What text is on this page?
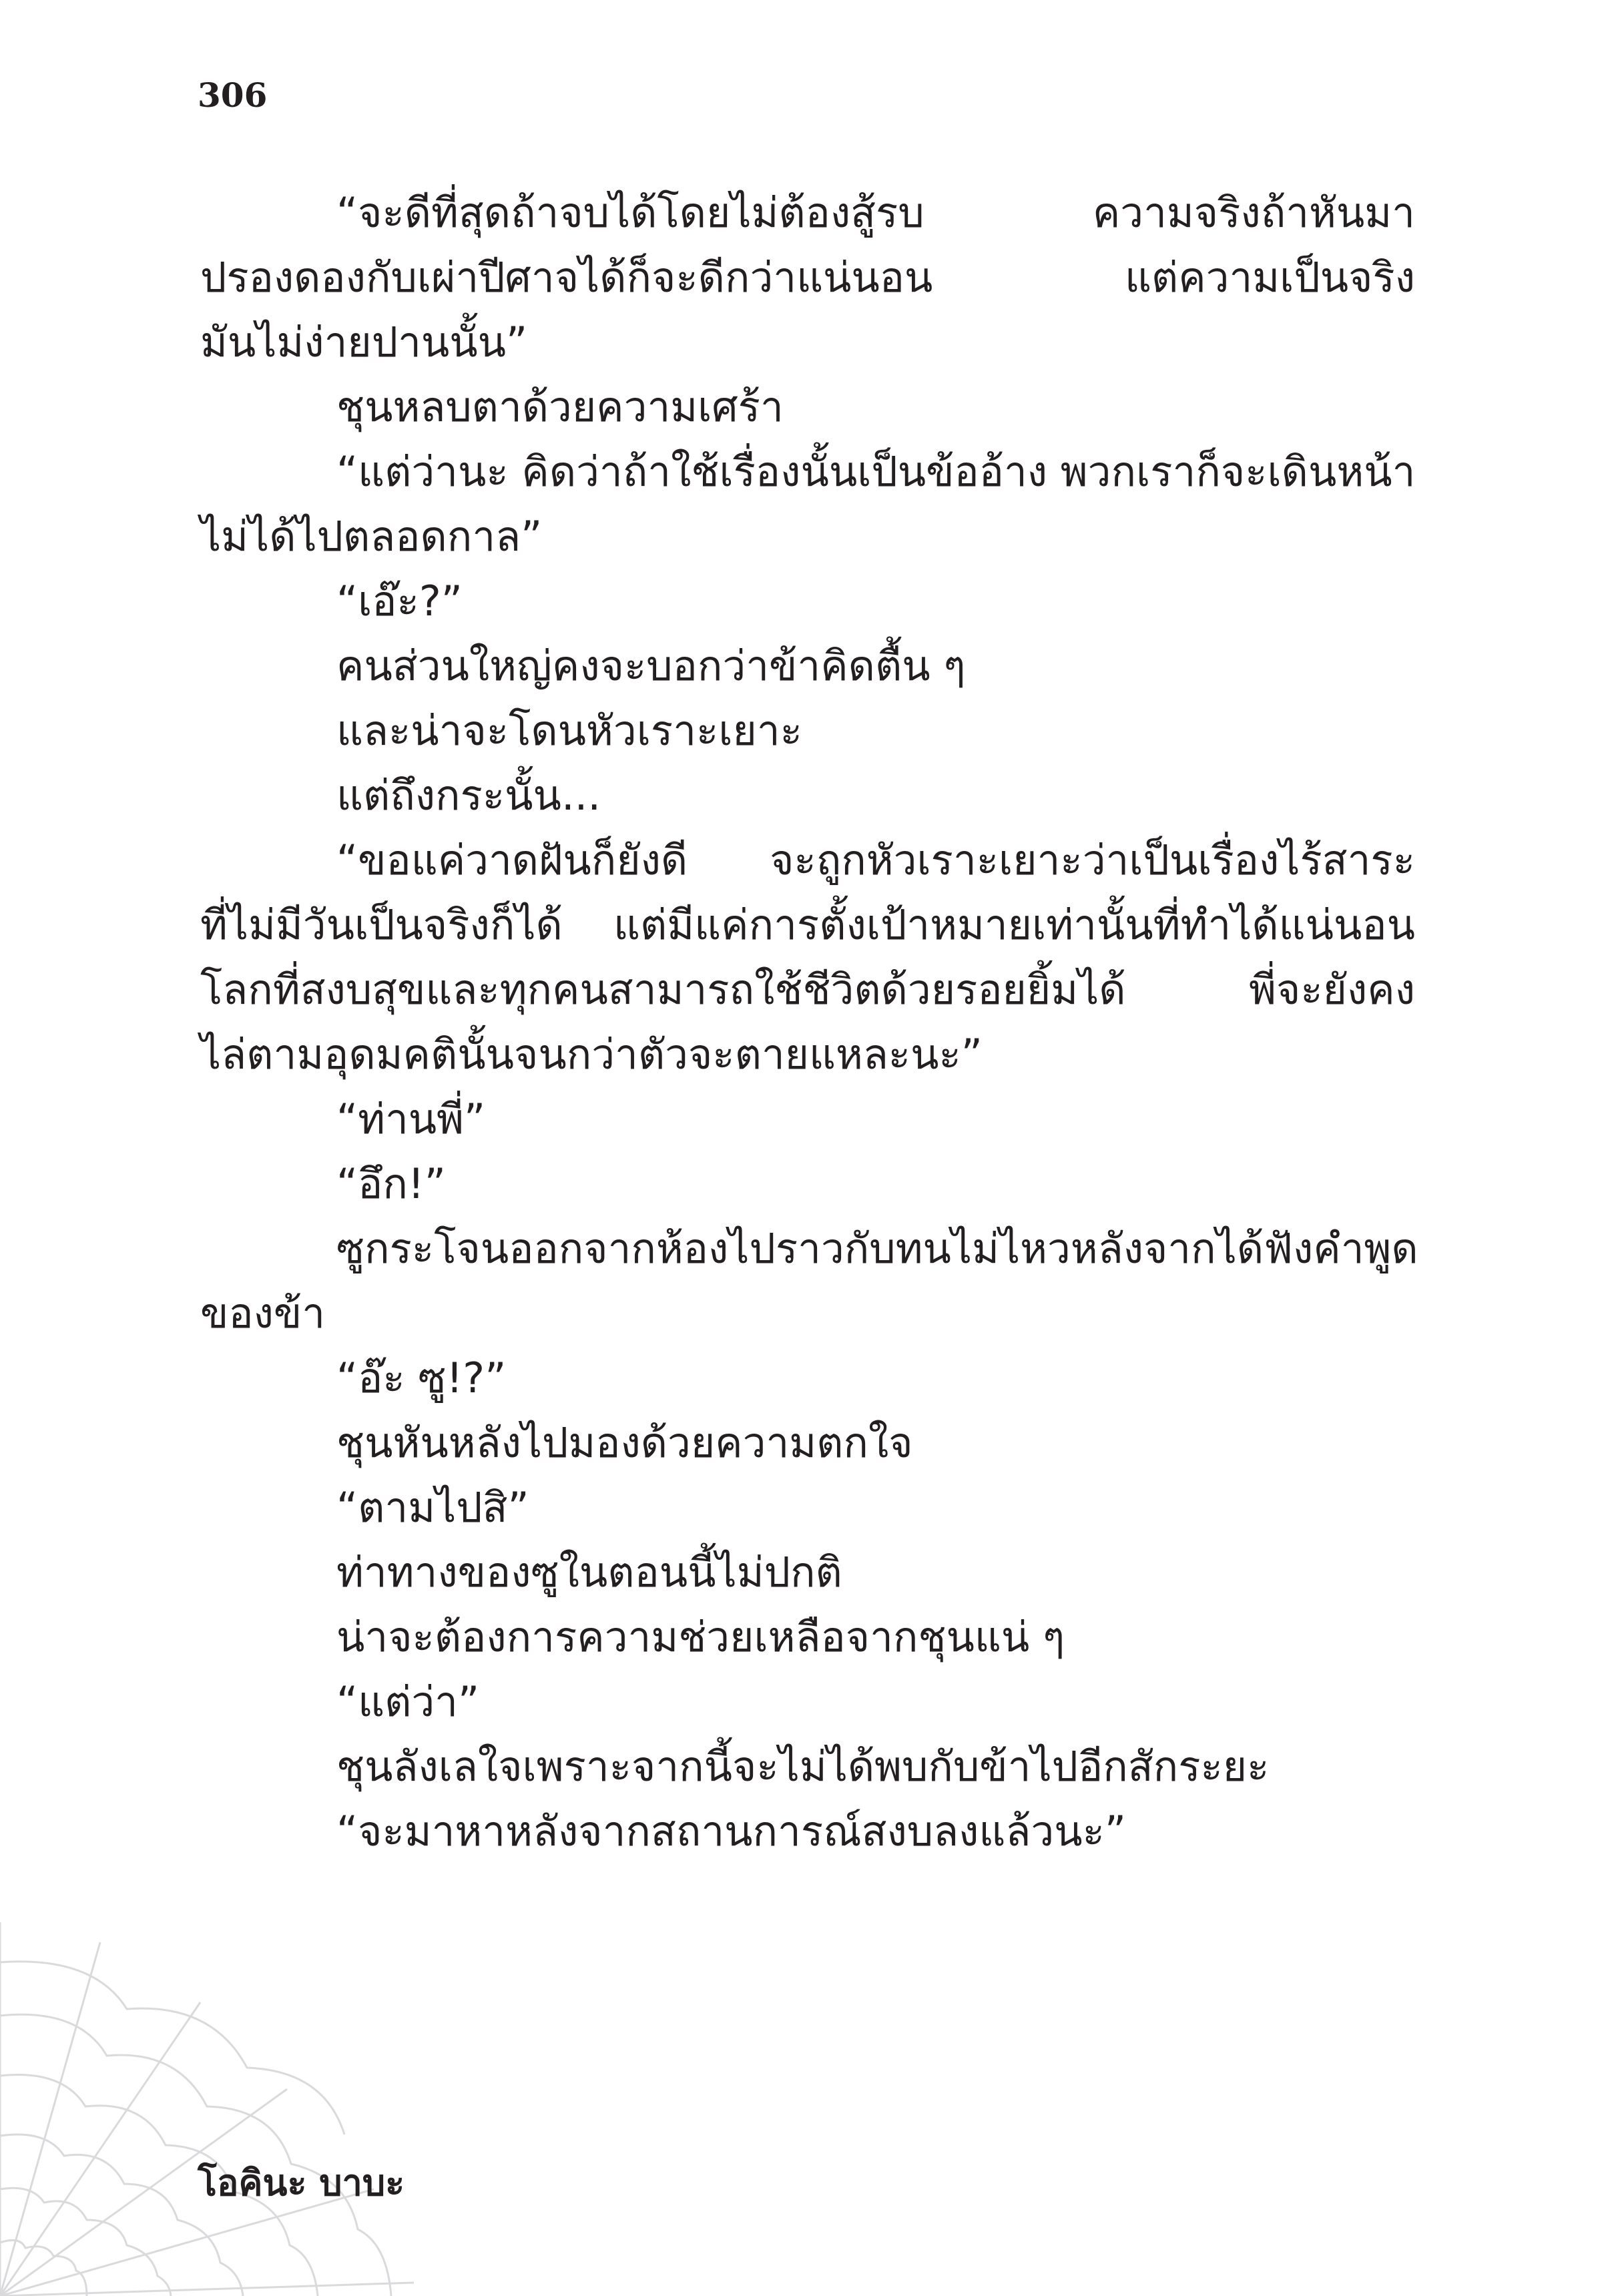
306

“จะดีที่สุดถ้าจบได้โดยไม่ต้องสู้รบ ความจริงถ้าหันมา

ปรองดองกับเผ่าปีศาจได้ก็จะดีกว่าแน่นอน แต่ความเป็นจริง

มันไม่ง่ายปานนั้น”

ชุนหลบตาด้วยความเศร้า

“แต่ว่านะ คิดว่าถ้าใช้เรื่องนั้นเป็นข้ออ้าง พวกเราก็จะเดินหน้า

ไม่ได้ไปตลอดกาล”

“เอ๊ะ?”

คนส่วนใหญ่คงจะบอกว่าข้าคิดตื้น ๆ

และน่าจะโดนหัวเราะเยาะ

แต่ถึงกระนั้น...

“ขอแค่วาดฝันก็ยังดี จะถูกหัวเราะเยาะว่าเป็นเรื่องไร้สาระ

ที่ไม่มีวันเป็นจริงก็ได้ แต่มีแค่การตั้งเป้าหมายเท่านั้นที่ทำได้แน่นอน

โลกที่สงบสุขและทุกคนสามารถใช้ชีวิตด้วยรอยยิ้มได้ พี่จะยังคง

ไล่ตามอุดมคตินั้นจนกว่าตัวจะตายแหละนะ”

“ท่านพี่”

“อึก!”

ซูกระโจนออกจากห้องไปราวกับทนไม่ไหวหลังจากได้ฟังคำพูด

ของข้า

“อ๊ะ ซู!?”

ชุนหันหลังไปมองด้วยความตกใจ

“ตามไปสิ”

ท่าทางของซูในตอนนี้ไม่ปกติ

น่าจะต้องการความช่วยเหลือจากชุนแน่ ๆ

“แต่ว่า”

ชุนลังเลใจเพราะจากนี้จะไม่ได้พบกับข้าไปอีกสักระยะ

“จะมาหาหลังจากสถานการณ์สงบลงแล้วนะ”

โอคินะ บาบะ
